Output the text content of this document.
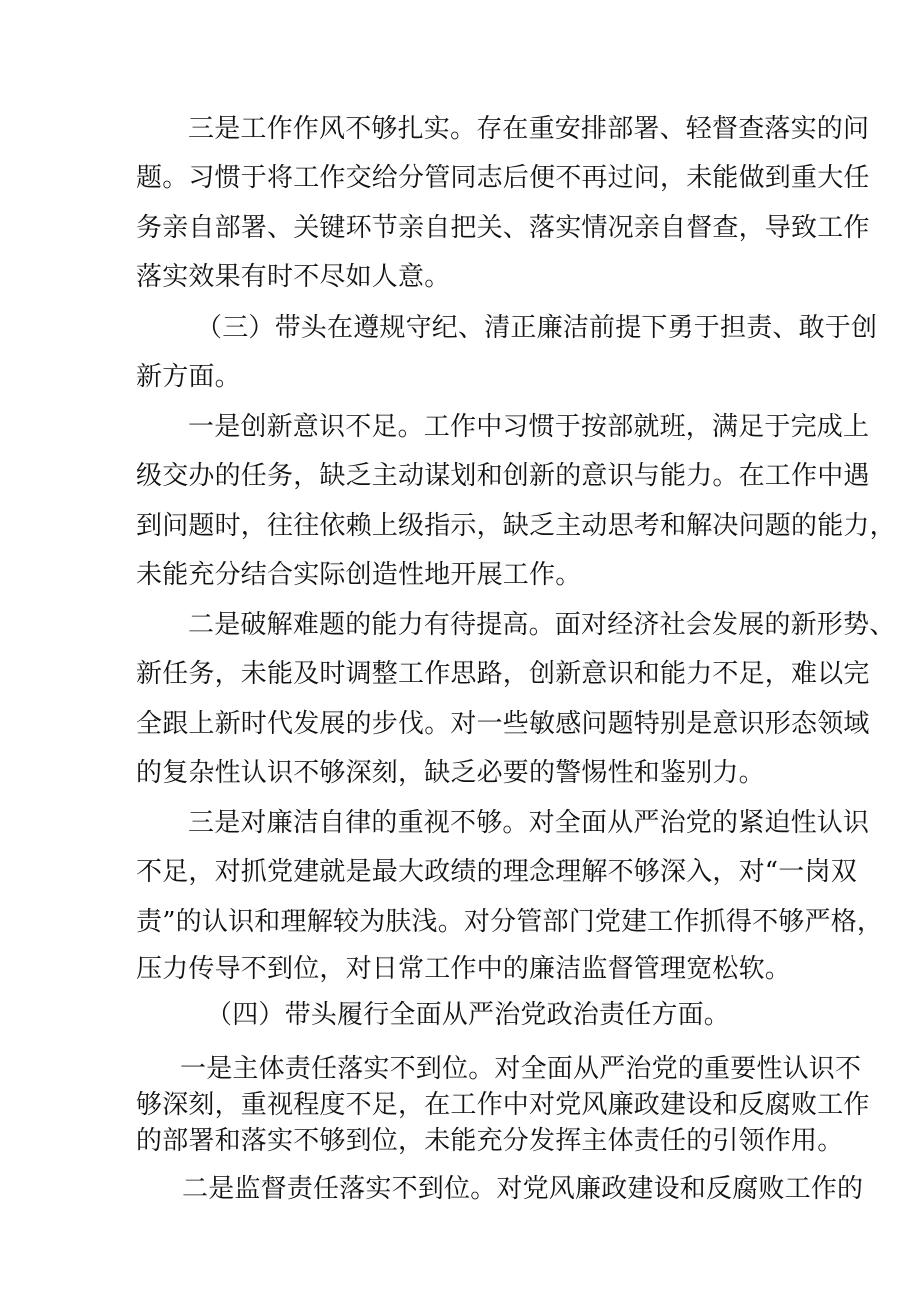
三是工作作风不够扎实。存在重安排部署、轻督查落实的问
题。习惯于将工作交给分管同志后便不再过问，未能做到重大任
务亲自部署、关键环节亲自把关、落实情况亲自督查，导致工作
落实效果有时不尽如人意。
（三）带头在遵规守纪、清正廉洁前提下勇于担责、敢于创
新方面。
一是创新意识不足。工作中习惯于按部就班，满足于完成上
级交办的任务，缺乏主动谋划和创新的意识与能力。在工作中遇
到问题时，往往依赖上级指示，缺乏主动思考和解决问题的能力，
未能充分结合实际创造性地开展工作。
二是破解难题的能力有待提高。面对经济社会发展的新形势、
新任务，未能及时调整工作思路，创新意识和能力不足，难以完
全跟上新时代发展的步伐。对一些敏感问题特别是意识形态领域
的复杂性认识不够深刻，缺乏必要的警惕性和鉴别力。
三是对廉洁自律的重视不够。对全面从严治党的紧迫性认识
不足，对抓党建就是最大政绩的理念理解不够深入，对“一岗双
责”的认识和理解较为肤浅。对分管部门党建工作抓得不够严格，
压力传导不到位，对日常工作中的廉洁监督管理宽松软。
（四）带头履行全面从严治党政治责任方面。
一是主体责任落实不到位。对全面从严治党的重要性认识不
够深刻，重视程度不足，在工作中对党风廉政建设和反腐败工作
的部署和落实不够到位，未能充分发挥主体责任的引领作用。
二是监督责任落实不到位。对党风廉政建设和反腐败工作的
